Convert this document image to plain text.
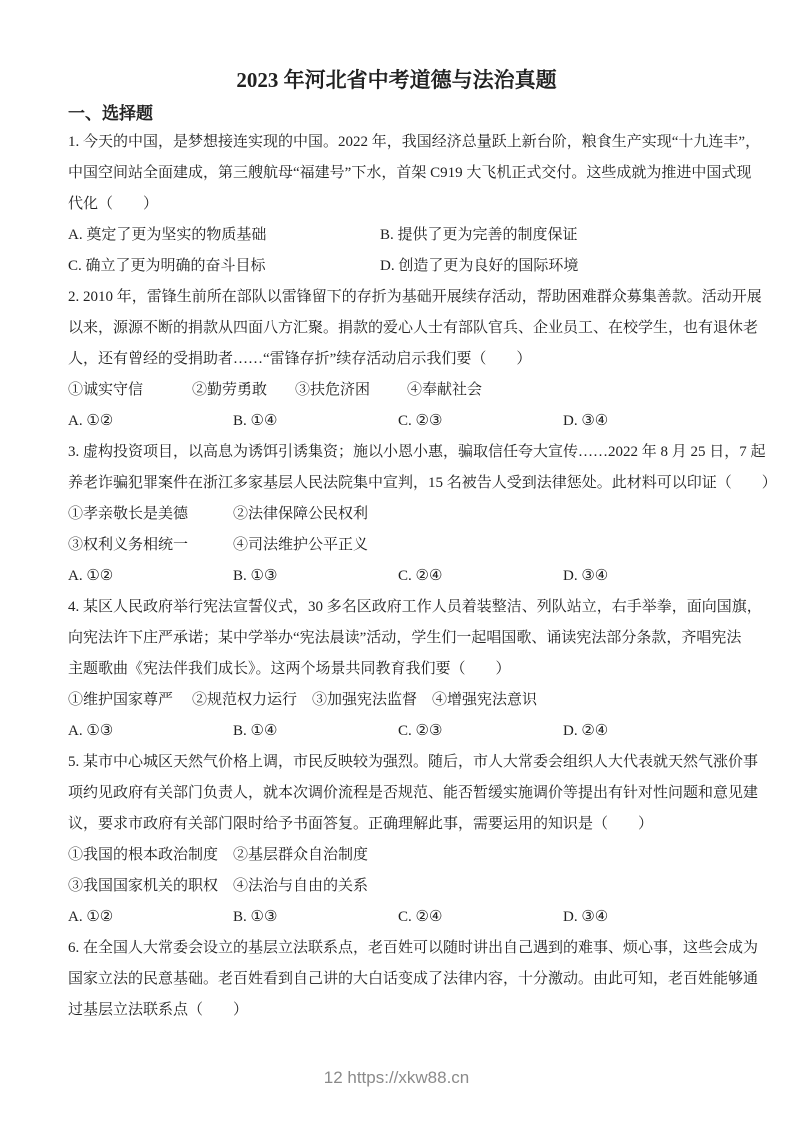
2023 年河北省中考道德与法治真题
一、选择题
1. 今天的中国，是梦想接连实现的中国。2022 年，我国经济总量跃上新台阶，粮食生产实现“十九连丰”，
中国空间站全面建成，第三艘航母“福建号”下水，首架 C919 大飞机正式交付。这些成就为推进中国式现
代化（　　）
A. 奠定了更为坚实的物质基础	B. 提供了更为完善的制度保证
C. 确立了更为明确的奋斗目标	D. 创造了更为良好的国际环境
2. 2010 年，雷锋生前所在部队以雷锋留下的存折为基础开展续存活动，帮助困难群众募集善款。活动开展
以来，源源不断的捐款从四面八方汇聚。捐款的爱心人士有部队官兵、企业员工、在校学生，也有退休老
人，还有曾经的受捐助者……“雷锋存折”续存活动启示我们要（　　）
①诚实守信	②勤劳勇敢 ③扶危济困 ④奉献社会
A. ①②	B. ①④	C. ②③	D. ③④
3. 虚构投资项目，以高息为诱饵引诱集资；施以小恩小惠，骗取信任夸大宣传……2022 年 8 月 25 日，7 起
养老诈骗犯罪案件在浙江多家基层人民法院集中宣判，15 名被告人受到法律惩处。此材料可以印证（　　）
①孝亲敬长是美德	②法律保障公民权利
③权利义务相统一	④司法维护公平正义
A. ①②	B. ①③	C. ②④	D. ③④
4. 某区人民政府举行宪法宣誓仪式，30 多名区政府工作人员着装整洁、列队站立，右手举拳，面向国旗，
向宪法许下庄严承诺；某中学举办“宪法晨读”活动，学生们一起唱国歌、诵读宪法部分条款，齐唱宪法
主题歌曲《宪法伴我们成长》。这两个场景共同教育我们要（　　）
①维护国家尊严 ②规范权力运行 ③加强宪法监督 ④增强宪法意识
A. ①③	B. ①④	C. ②③	D. ②④
5. 某市中心城区天然气价格上调，市民反映较为强烈。随后，市人大常委会组织人大代表就天然气涨价事
项约见政府有关部门负责人，就本次调价流程是否规范、能否暂缓实施调价等提出有针对性问题和意见建
议，要求市政府有关部门限时给予书面答复。正确理解此事，需要运用的知识是（　　）
①我国的根本政治制度 ②基层群众自治制度
③我国国家机关的职权 ④法治与自由的关系
A. ①②	B. ①③	C. ②④	D. ③④
6. 在全国人大常委会设立的基层立法联系点，老百姓可以随时讲出自己遇到的难事、烦心事，这些会成为
国家立法的民意基础。老百姓看到自己讲的大白话变成了法律内容，十分激动。由此可知，老百姓能够通
过基层立法联系点（　　）
12 https://xkw88.cn
